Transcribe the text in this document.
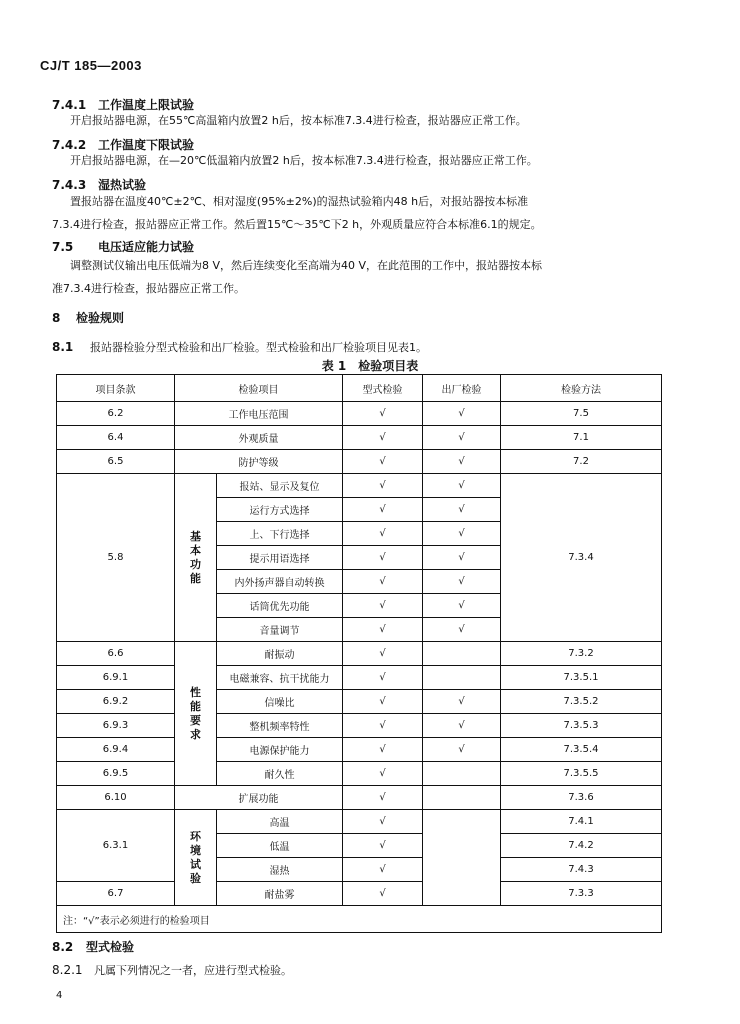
CJ/T 185—2003
7.4.1 工作温度上限试验
开启报站器电源，在55℃高温箱内放置2 h后，按本标准7.3.4进行检查，报站器应正常工作。
7.4.2 工作温度下限试验
开启报站器电源，在—20℃低温箱内放置2 h后，按本标准7.3.4进行检查，报站器应正常工作。
7.4.3 湿热试验
置报站器在温度40℃±2℃、相对湿度(95%±2%)的湿热试验箱内48 h后，对报站器按本标准
7.3.4进行检查，报站器应正常工作。然后置15℃～35℃下2 h，外观质量应符合本标准6.1的规定。
7.5 电压适应能力试验
调整测试仪输出电压低端为8 V，然后连续变化至高端为40 V，在此范围的工作中，报站器按本标
准7.3.4进行检查，报站器应正常工作。
8 检验规则
8.1 报站器检验分型式检验和出厂检验。型式检验和出厂检验项目见表1。
表 1　检验项目表
项目条款	检验项目		型式检验	出厂检验	检验方法
6.2	工作电压范围		√	√	7.5
6.4	外观质量		√	√	7.1
6.5	防护等级		√	√	7.2
5.8	基本功能	报站、显示及复位	√	√	7.3.4
		运行方式选择	√	√	
		上、下行选择	√	√	
		提示用语选择	√	√	
		内外扬声器自动转换	√	√	
		话筒优先功能	√	√	
		音量调节	√	√	
6.6	性能要求	耐振动	√		7.3.2
6.9.1		电磁兼容、抗干扰能力	√		7.3.5.1
6.9.2		信噪比	√	√	7.3.5.2
6.9.3		整机频率特性	√	√	7.3.5.3
6.9.4		电源保护能力	√	√	7.3.5.4
6.9.5		耐久性	√		7.3.5.5
6.10	扩展功能		√		7.3.6
6.3.1	环境试验	高温	√		7.4.1
		低温	√		7.4.2
		湿热	√		7.4.3
6.7		耐盐雾	√		7.3.3
注：“√”表示必须进行的检验项目					
8.2 型式检验
8.2.1 凡属下列情况之一者，应进行型式检验。
4
